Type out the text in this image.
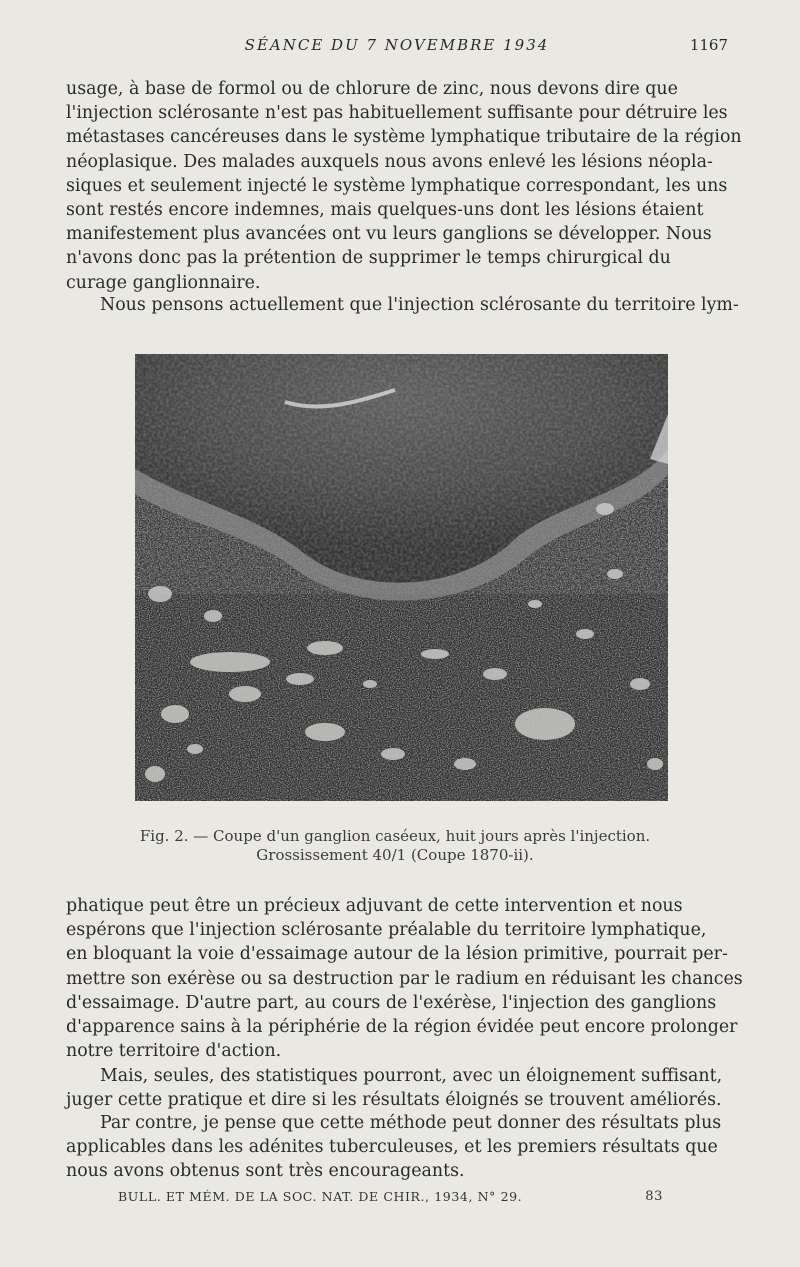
SÉANCE DU 7 NOVEMBRE 1934	1167
usage, à base de formol ou de chlorure de zinc, nous devons dire que
l'injection sclérosante n'est pas habituellement suffisante pour détruire les
métastases cancéreuses dans le système lymphatique tributaire de la région
néoplasique. Des malades auxquels nous avons enlevé les lésions néopla-
siques et seulement injecté le système lymphatique correspondant, les uns
sont restés encore indemnes, mais quelques-uns dont les lésions étaient
manifestement plus avancées ont vu leurs ganglions se développer. Nous
n'avons donc pas la prétention de supprimer le temps chirurgical du
curage ganglionnaire.
Nous pensons actuellement que l'injection sclérosante du territoire lym-
Fig. 2. — Coupe d'un ganglion caséeux, huit jours après l'injection.
Grossissement 40/1 (Coupe 1870-ii).
phatique peut être un précieux adjuvant de cette intervention et nous
espérons que l'injection sclérosante préalable du territoire lymphatique,
en bloquant la voie d'essaimage autour de la lésion primitive, pourrait per-
mettre son exérèse ou sa destruction par le radium en réduisant les chances
d'essaimage. D'autre part, au cours de l'exérèse, l'injection des ganglions
d'apparence sains à la périphérie de la région évidée peut encore prolonger
notre territoire d'action.
Mais, seules, des statistiques pourront, avec un éloignement suffisant,
juger cette pratique et dire si les résultats éloignés se trouvent améliorés.
Par contre, je pense que cette méthode peut donner des résultats plus
applicables dans les adénites tuberculeuses, et les premiers résultats que
nous avons obtenus sont très encourageants.
BULL. ET MÉM. DE LA SOC. NAT. DE CHIR., 1934, N° 29.	83
